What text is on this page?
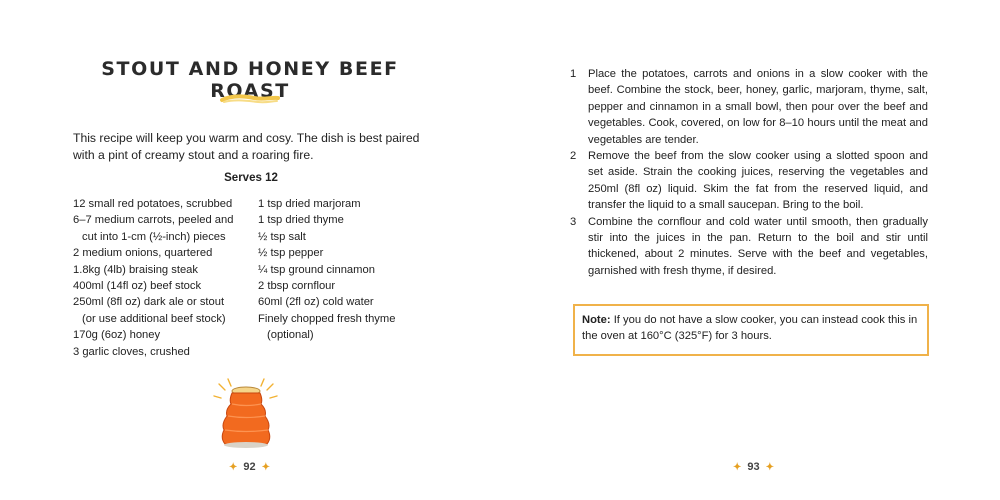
STOUT AND HONEY BEEF ROAST
This recipe will keep you warm and cosy. The dish is best paired with a pint of creamy stout and a roaring fire.
Serves 12
12 small red potatoes, scrubbed
6–7 medium carrots, peeled and
cut into 1-cm (½-inch) pieces
2 medium onions, quartered
1.8kg (4lb) braising steak
400ml (14fl oz) beef stock
250ml (8fl oz) dark ale or stout
(or use additional beef stock)
170g (6oz) honey
3 garlic cloves, crushed
1 tsp dried marjoram
1 tsp dried thyme
½ tsp salt
½ tsp pepper
¼ tsp ground cinnamon
2 tbsp cornflour
60ml (2fl oz) cold water
Finely chopped fresh thyme
(optional)
✦ 92 ✦
1	Place the potatoes, carrots and onions in a slow cooker with the beef. Combine the stock, beer, honey, garlic, marjoram, thyme, salt, pepper and cinnamon in a small bowl, then pour over the beef and vegetables. Cook, covered, on low for 8–10 hours until the meat and vegetables are tender.
2	Remove the beef from the slow cooker using a slotted spoon and set aside. Strain the cooking juices, reserving the vegetables and 250ml (8fl oz) liquid. Skim the fat from the reserved liquid, and transfer the liquid to a small saucepan. Bring to the boil.
3	Combine the cornflour and cold water until smooth, then gradually stir into the juices in the pan. Return to the boil and stir until thickened, about 2 minutes. Serve with the beef and vegetables, garnished with fresh thyme, if desired.
Note: If you do not have a slow cooker, you can instead cook this in the oven at 160°C (325°F) for 3 hours.
✦ 93 ✦
